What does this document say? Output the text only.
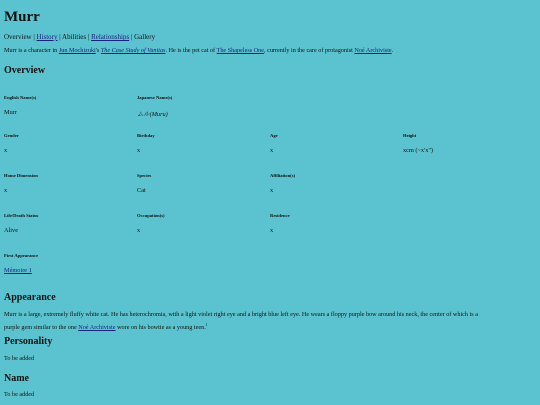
Murr
Overview | History | Abilities | Relationships | Gallery
Murr is a character in Jun Mochizuki's The Case Study of Vanitas. He is the pet cat of The Shapeless One, currently in the care of protagonist Noé Archiviste.
Overview
English Name(s)
Murr
Japanese Name(s)
ムル(Muru)
Gender
x
Birthday
x
Age
x
Height
xcm (~x'x")
Home Dimension
x
Species
Cat
Affiliation(s)
x
Life/Death Status
Alive
Occupation(s)
x
Residence
x
First Appearance
Mémoire 1
Appearance
Murr is a large, extremely fluffy white cat. He has heterochromia, with a light violet right eye and a bright blue left eye. He wears a floppy purple bow around his neck, the center of which is a
purple gem similar to the one Noé Archiviste wore on his bowtie as a young teen.$^1$
Personality
To be added
Name
To be added
